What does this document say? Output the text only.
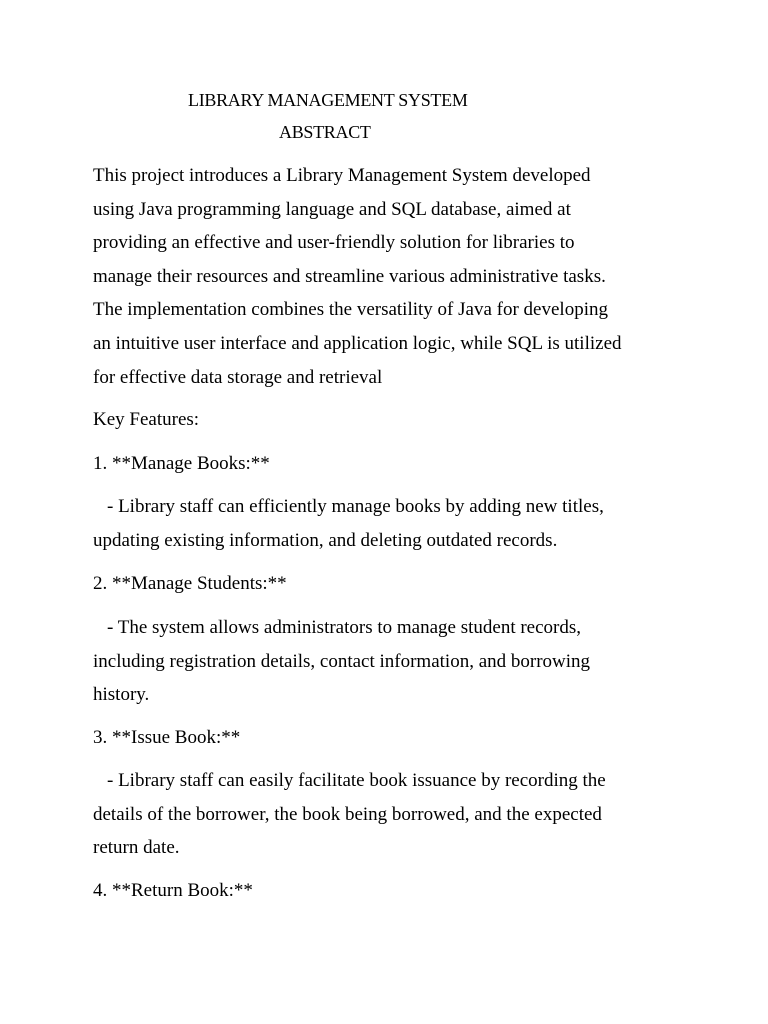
LIBRARY MANAGEMENT SYSTEM
ABSTRACT
This project introduces a Library Management System developed
using Java programming language and SQL database, aimed at
providing an effective and user-friendly solution for libraries to
manage their resources and streamline various administrative tasks.
The implementation combines the versatility of Java for developing
an intuitive user interface and application logic, while SQL is utilized
for effective data storage and retrieval
Key Features:
1. **Manage Books:**
- Library staff can efficiently manage books by adding new titles,
updating existing information, and deleting outdated records.
2. **Manage Students:**
- The system allows administrators to manage student records,
including registration details, contact information, and borrowing
history.
3. **Issue Book:**
- Library staff can easily facilitate book issuance by recording the
details of the borrower, the book being borrowed, and the expected
return date.
4. **Return Book:**
